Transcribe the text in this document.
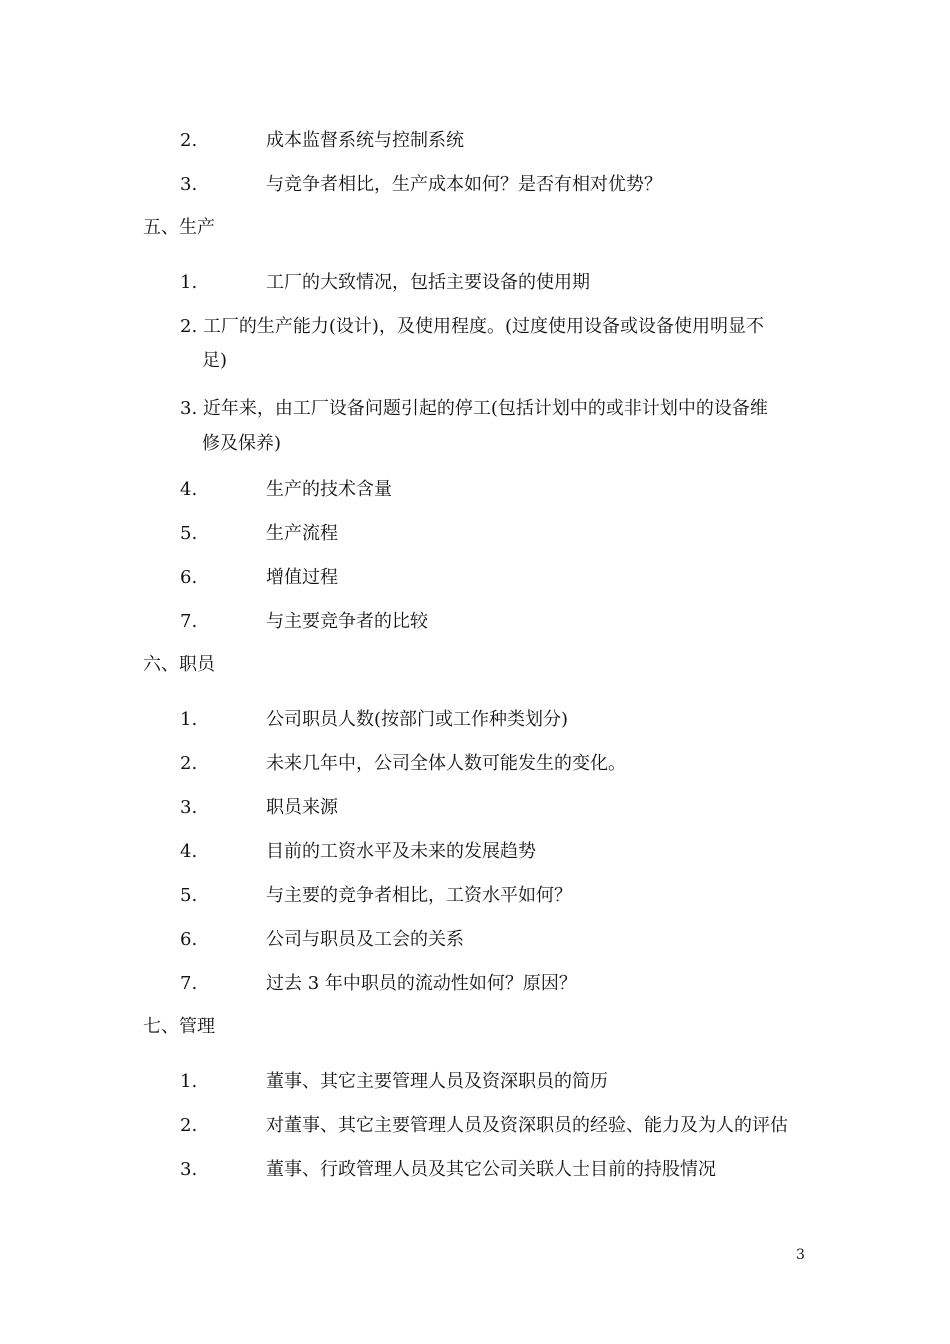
2.	成本监督系统与控制系统
3.	与竞争者相比，生产成本如何？是否有相对优势？
五、生产
1.	工厂的大致情况，包括主要设备的使用期
2. 工厂的生产能力(设计)，及使用程度。(过度使用设备或设备使用明显不
足)
3. 近年来，由工厂设备问题引起的停工(包括计划中的或非计划中的设备维
修及保养)
4.	生产的技术含量
5.	生产流程
6.	增值过程
7.	与主要竞争者的比较
六、职员
1.	公司职员人数(按部门或工作种类划分)
2.	未来几年中，公司全体人数可能发生的变化。
3.	职员来源
4.	目前的工资水平及未来的发展趋势
5.	与主要的竞争者相比，工资水平如何？
6.	公司与职员及工会的关系
7.	过去 3 年中职员的流动性如何？原因？
七、管理
1.	董事、其它主要管理人员及资深职员的简历
2.	对董事、其它主要管理人员及资深职员的经验、能力及为人的评估
3.	董事、行政管理人员及其它公司关联人士目前的持股情况
3
